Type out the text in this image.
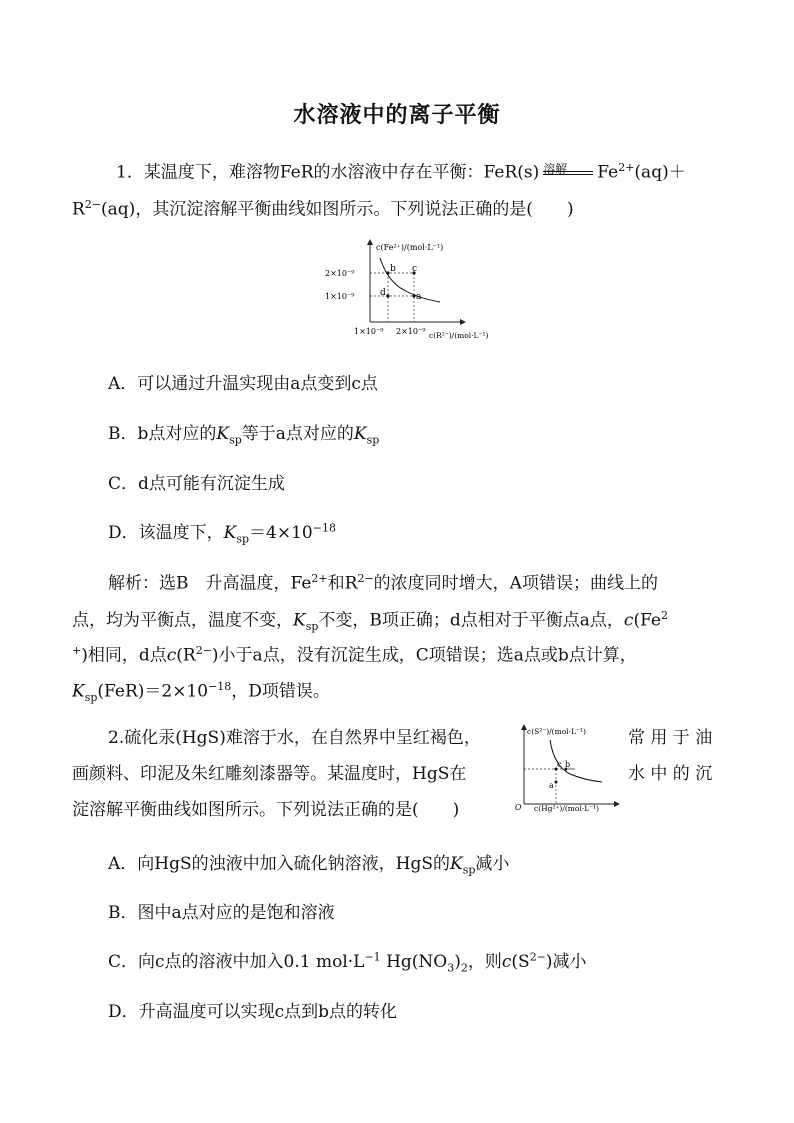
水溶液中的离子平衡
1．某温度下，难溶物FeR的水溶液中存在平衡：FeR(s) 溶解 $Fe^{2+}(aq)+$
$R^{2-}(aq)$，其沉淀溶解平衡曲线如图所示。下列说法正确的是(　　)
c(Fe²⁺)/(mol·L⁻¹)
2×10⁻⁹
1×10⁻⁹
1×10⁻⁹ 2×10⁻⁹ c(R²⁻)/(mol·L⁻¹)
b c
d	a
A．可以通过升温实现由a点变到c点
B．b点对应的$K_{sp}$等于a点对应的$K_{sp}$
C．d点可能有沉淀生成
D．该温度下，$K_{sp}=4\times 10^{-18}$
解析：选B　升高温度，$Fe^{2+}$和$R^{2-}$的浓度同时增大，A项错误；曲线上的
点，均为平衡点，温度不变，$K_{sp}$不变，B项正确；d点相对于平衡点a点，c(Fe$^2$
+)相同，d点$c(R^{2-})$小于a点，没有沉淀生成，C项错误；选a点或b点计算，
$K_{sp}(FeR)=2\times 10^{-18}$，D项错误。
2.硫化汞(HgS)难溶于水，在自然界中呈红褐色，	常 用 于 油
画颜料、印泥及朱红雕刻漆器等。某温度时，HgS在	水 中 的 沉
淀溶解平衡曲线如图所示。下列说法正确的是(　　)
c(S²⁻)/(mol·L⁻¹)
O c(Hg²⁺)/(mol·L⁻¹)
c b
a
A．向HgS的浊液中加入硫化钠溶液，HgS的$K_{sp}$减小
B．图中a点对应的是饱和溶液
C．向c点的溶液中加入0.1 $mol\cdot L^{-1}$ $Hg(NO_3)_2$，则$c(S^{2-})$减小
D．升高温度可以实现c点到b点的转化
